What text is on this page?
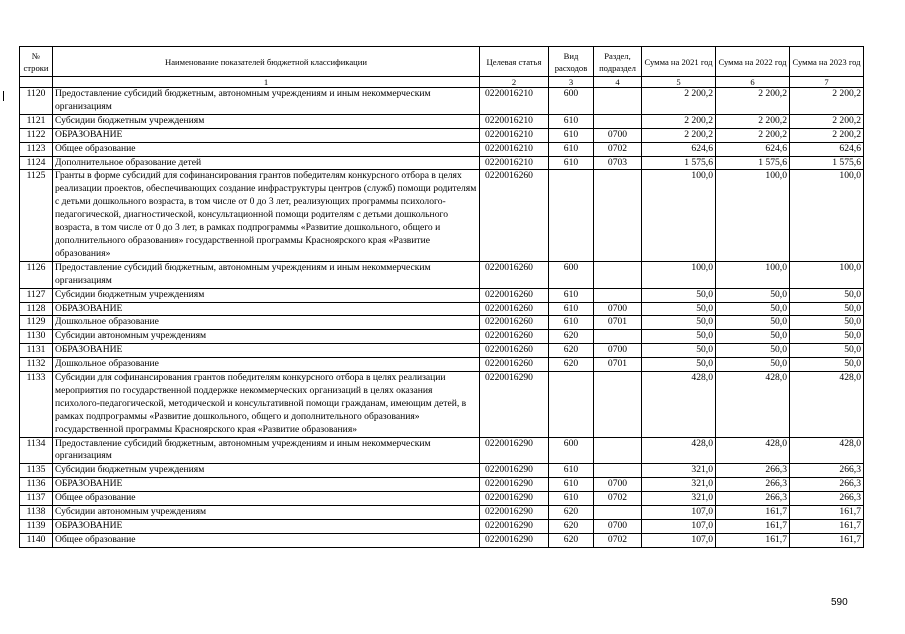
№ строки	Наименование показателей бюджетной классификации	Целевая статья	Вид расходов	Раздел, подраздел	Сумма на 2021 год	Сумма на 2022 год	Сумма на 2023 год
	1	2	3	4	5	6	7
1120	Предоставление субсидий бюджетным, автономным учреждениям и иным некоммерческим организациям	0220016210	600		2 200,2	2 200,2	2 200,2
1121	Субсидии бюджетным учреждениям	0220016210	610		2 200,2	2 200,2	2 200,2
1122	ОБРАЗОВАНИЕ	0220016210	610	0700	2 200,2	2 200,2	2 200,2
1123	Общее образование	0220016210	610	0702	624,6	624,6	624,6
1124	Дополнительное образование детей	0220016210	610	0703	1 575,6	1 575,6	1 575,6
1125	Гранты в форме субсидий для софинансирования грантов победителям конкурсного отбора в целях реализации проектов, обеспечивающих создание инфраструктуры центров (служб) помощи родителям с детьми дошкольного возраста, в том числе от 0 до 3 лет, реализующих программы психолого-педагогической, диагностической, консультационной помощи родителям с детьми дошкольного возраста, в том числе от 0 до 3 лет, в рамках подпрограммы «Развитие дошкольного, общего и дополнительного образования» государственной программы Красноярского края «Развитие образования»	0220016260			100,0	100,0	100,0
1126	Предоставление субсидий бюджетным, автономным учреждениям и иным некоммерческим организациям	0220016260	600		100,0	100,0	100,0
1127	Субсидии бюджетным учреждениям	0220016260	610		50,0	50,0	50,0
1128	ОБРАЗОВАНИЕ	0220016260	610	0700	50,0	50,0	50,0
1129	Дошкольное образование	0220016260	610	0701	50,0	50,0	50,0
1130	Субсидии автономным учреждениям	0220016260	620		50,0	50,0	50,0
1131	ОБРАЗОВАНИЕ	0220016260	620	0700	50,0	50,0	50,0
1132	Дошкольное образование	0220016260	620	0701	50,0	50,0	50,0
1133	Субсидии для софинансирования грантов победителям конкурсного отбора в целях реализации мероприятия по государственной поддержке некоммерческих организаций в целях оказания психолого-педагогической, методической и консультативной помощи гражданам, имеющим детей, в рамках подпрограммы «Развитие дошкольного, общего и дополнительного образования» государственной программы Красноярского края «Развитие образования»	0220016290			428,0	428,0	428,0
1134	Предоставление субсидий бюджетным, автономным учреждениям и иным некоммерческим организациям	0220016290	600		428,0	428,0	428,0
1135	Субсидии бюджетным учреждениям	0220016290	610		321,0	266,3	266,3
1136	ОБРАЗОВАНИЕ	0220016290	610	0700	321,0	266,3	266,3
1137	Общее образование	0220016290	610	0702	321,0	266,3	266,3
1138	Субсидии автономным учреждениям	0220016290	620		107,0	161,7	161,7
1139	ОБРАЗОВАНИЕ	0220016290	620	0700	107,0	161,7	161,7
1140	Общее образование	0220016290	620	0702	107,0	161,7	161,7
590
